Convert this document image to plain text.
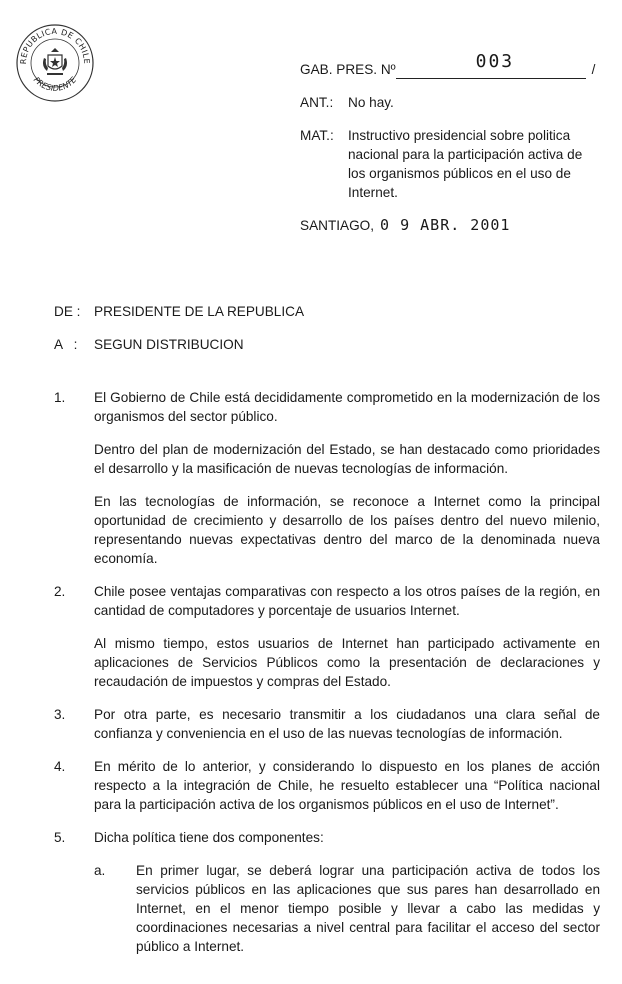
REPUBLICA DE CHILE
PRESIDENTE
GAB. PRES. Nº	003	/
ANT.:	No hay.
MAT.:	Instructivo presidencial sobre politica nacional para la participación activa de los organismos públicos en el uso de Internet.
SANTIAGO, 0 9 ABR. 2001
DE : PRESIDENTE DE LA REPUBLICA
A   :	SEGUN DISTRIBUCION
1.	El Gobierno de Chile está decididamente comprometido en la modernización de los organismos del sector público.

Dentro del plan de modernización del Estado, se han destacado como prioridades el desarrollo y la masificación de nuevas tecnologías de información.

En las tecnologías de información, se reconoce a Internet como la principal oportunidad de crecimiento y desarrollo de los países dentro del nuevo milenio, representando nuevas expectativas dentro del marco de la denominada nueva economía.

2.	Chile posee ventajas comparativas con respecto a los otros países de la región, en cantidad de computadores y porcentaje de usuarios Internet.

Al mismo tiempo, estos usuarios de Internet han participado activamente en aplicaciones de Servicios Públicos como la presentación de declaraciones y recaudación de impuestos y compras del Estado.

3.	Por otra parte, es necesario transmitir a los ciudadanos una clara señal de confianza y conveniencia en el uso de las nuevas tecnologías de información.
4.	En mérito de lo anterior, y considerando lo dispuesto en los planes de acción respecto a la integración de Chile, he resuelto establecer una “Política nacional para la participación activa de los organismos públicos en el uso de Internet”.
5.	Dicha política tiene dos componentes:
a.	En primer lugar, se deberá lograr una participación activa de todos los servicios públicos en las aplicaciones que sus pares han desarrollado en Internet, en el menor tiempo posible y llevar a cabo las medidas y coordinaciones necesarias a nivel central para facilitar el acceso del sector público a Internet.
